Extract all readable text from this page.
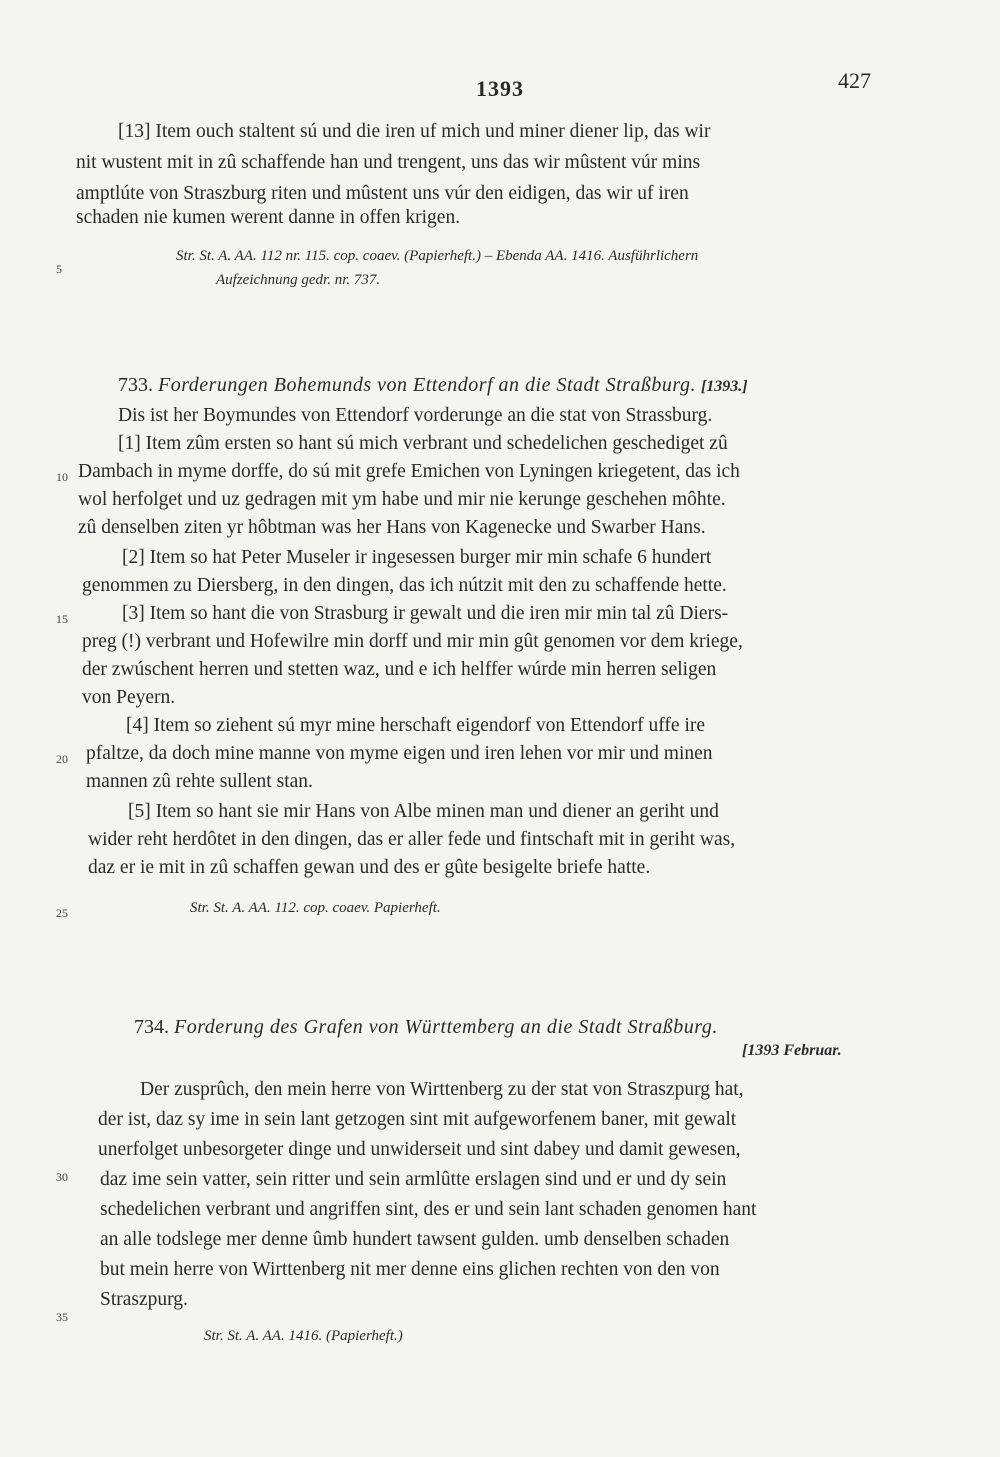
1393	427
[13] Item ouch staltent sú und die iren uf mich und miner diener lip, das wir
nit wustent mit in zû schaffende han und trengent, uns das wir mûstent vúr mins
amptlúte von Straszburg riten und mûstent uns vúr den eidigen, das wir uf iren
schaden nie kumen werent danne in offen krigen.
Str. St. A. AA. 112 nr. 115. cop. coaev. (Papierheft.) – Ebenda AA. 1416. Ausführlichern
Aufzeichnung gedr. nr. 737.
733. Forderungen Bohemunds von Ettendorf an die Stadt Straßburg. [1393.]
Dis ist her Boymundes von Ettendorf vorderunge an die stat von Strassburg.
[1] Item zûm ersten so hant sú mich verbrant und schedelichen geschediget zû
Dambach in myme dorffe, do sú mit grefe Emichen von Lyningen kriegetent, das ich
wol herfolget und uz gedragen mit ym habe und mir nie kerunge geschehen môhte.
zû denselben ziten yr hôbtman was her Hans von Kagenecke und Swarber Hans.
[2] Item so hat Peter Museler ir ingesessen burger mir min schafe 6 hundert
genommen zu Diersberg, in den dingen, das ich nútzit mit den zu schaffende hette.
[3] Item so hant die von Strasburg ir gewalt und die iren mir min tal zû Diers-
preg (!) verbrant und Hofewilre min dorff und mir min gût genomen vor dem kriege,
der zwúschent herren und stetten waz, und e ich helffer wúrde min herren seligen
von Peyern.
[4] Item so ziehent sú myr mine herschaft eigendorf von Ettendorf uffe ire
pfaltze, da doch mine manne von myme eigen und iren lehen vor mir und minen
mannen zû rehte sullent stan.
[5] Item so hant sie mir Hans von Albe minen man und diener an geriht und
wider reht herdôtet in den dingen, das er aller fede und fintschaft mit in geriht was,
daz er ie mit in zû schaffen gewan und des er gûte besigelte briefe hatte.
Str. St. A. AA. 112. cop. coaev. Papierheft.
734. Forderung des Grafen von Württemberg an die Stadt Straßburg.
[1393 Februar.
Der zusprûch, den mein herre von Wirttenberg zu der stat von Straszpurg hat,
der ist, daz sy ime in sein lant getzogen sint mit aufgeworfenem baner, mit gewalt
unerfolget unbesorgeter dinge und unwiderseit und sint dabey und damit gewesen,
daz ime sein vatter, sein ritter und sein armlûtte erslagen sind und er und dy sein
schedelichen verbrant und angriffen sint, des er und sein lant schaden genomen hant
an alle todslege mer denne ûmb hundert tawsent gulden. umb denselben schaden
but mein herre von Wirttenberg nit mer denne eins glichen rechten von den von
Straszpurg.
Str. St. A. AA. 1416. (Papierheft.)
5
10
15
20
25
30
35
